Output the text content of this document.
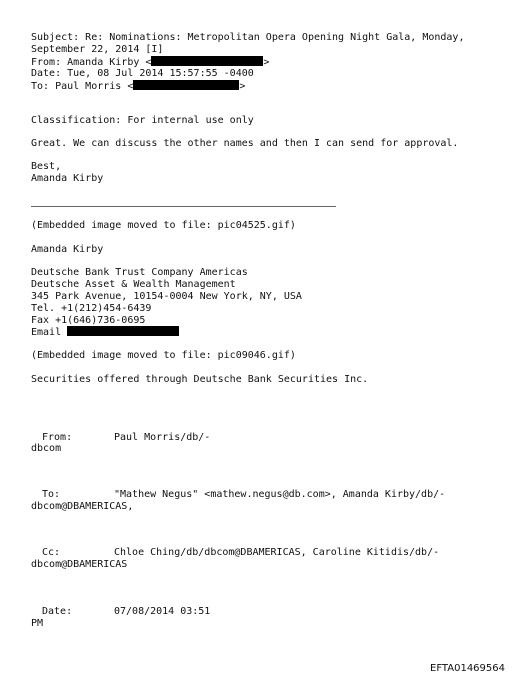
Subject: Re: Nominations: Metropolitan Opera Opening Night Gala, Monday,
September 22, 2014 [I]
From: Amanda Kirby <	>
Date: Tue, 08 Jul 2014 15:57:55 -0400
To: Paul Morris <	>
Classification: For internal use only
Great. We can discuss the other names and then I can send for approval.
Best,
Amanda Kirby
(Embedded image moved to file: pic04525.gif)
Amanda Kirby
Deutsche Bank Trust Company Americas
Deutsche Asset & Wealth Management
345 Park Avenue, 10154-0004 New York, NY, USA
Tel. +1(212)454-6439
Fax +1(646)736-0695
Email
(Embedded image moved to file: pic09046.gif)
Securities offered through Deutsche Bank Securities Inc.
From:	Paul Morris/db/-
dbcom
To:	"Mathew Negus" <mathew.negus@db.com>, Amanda Kirby/db/-
dbcom@DBAMERICAS,
Cc:	Chloe Ching/db/dbcom@DBAMERICAS, Caroline Kitidis/db/-
dbcom@DBAMERICAS
Date:	07/08/2014 03:51
PM
EFTA01469564
